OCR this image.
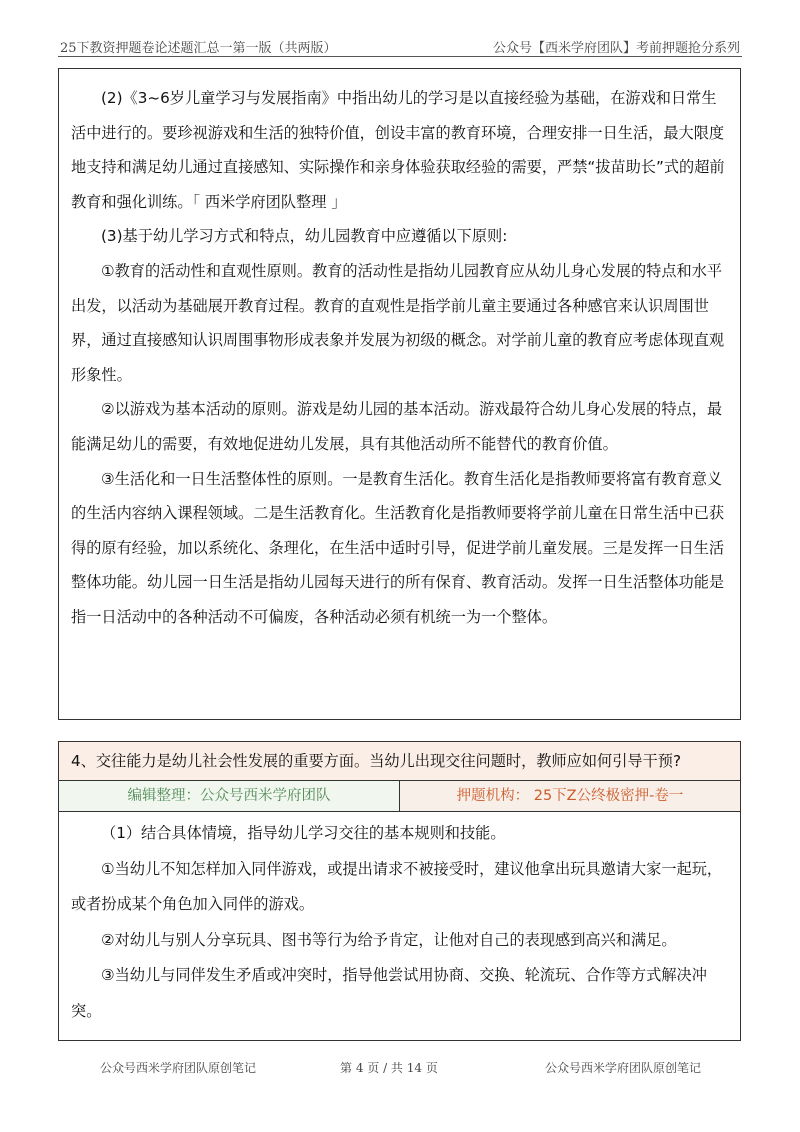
25下教资押题卷论述题汇总一第一版（共两版）	公众号【西米学府团队】考前押题抢分系列

(2)《3~6岁儿童学习与发展指南》中指出幼儿的学习是以直接经验为基础，在游戏和日常生活中进行的。要珍视游戏和生活的独特价值，创设丰富的教育环境，合理安排一日生活，最大限度地支持和满足幼儿通过直接感知、实际操作和亲身体验获取经验的需要，严禁“拔苗助长”式的超前教育和强化训练。「 西米学府团队整理 」

(3)基于幼儿学习方式和特点，幼儿园教育中应遵循以下原则:

①教育的活动性和直观性原则。教育的活动性是指幼儿园教育应从幼儿身心发展的特点和水平出发，以活动为基础展开教育过程。教育的直观性是指学前儿童主要通过各种感官来认识周围世界，通过直接感知认识周围事物形成表象并发展为初级的概念。对学前儿童的教育应考虑体现直观形象性。

②以游戏为基本活动的原则。游戏是幼儿园的基本活动。游戏最符合幼儿身心发展的特点，最能满足幼儿的需要，有效地促进幼儿发展，具有其他活动所不能替代的教育价值。

③生活化和一日生活整体性的原则。一是教育生活化。教育生活化是指教师要将富有教育意义的生活内容纳入课程领域。二是生活教育化。生活教育化是指教师要将学前儿童在日常生活中已获得的原有经验，加以系统化、条理化，在生活中适时引导，促进学前儿童发展。三是发挥一日生活整体功能。幼儿园一日生活是指幼儿园每天进行的所有保育、教育活动。发挥一日生活整体功能是指一日活动中的各种活动不可偏废，各种活动必须有机统一为一个整体。

4、交往能力是幼儿社会性发展的重要方面。当幼儿出现交往问题时，教师应如何引导干预?
编辑整理：公众号西米学府团队	押题机构： 25下Z公终极密押-卷一

（1）结合具体情境，指导幼儿学习交往的基本规则和技能。

①当幼儿不知怎样加入同伴游戏，或提出请求不被接受时，建议他拿出玩具邀请大家一起玩，或者扮成某个角色加入同伴的游戏。

②对幼儿与别人分享玩具、图书等行为给予肯定，让他对自己的表现感到高兴和满足。

③当幼儿与同伴发生矛盾或冲突时，指导他尝试用协商、交换、轮流玩、合作等方式解决冲突。

公众号西米学府团队原创笔记	第 4 页 / 共 14 页	公众号西米学府团队原创笔记
